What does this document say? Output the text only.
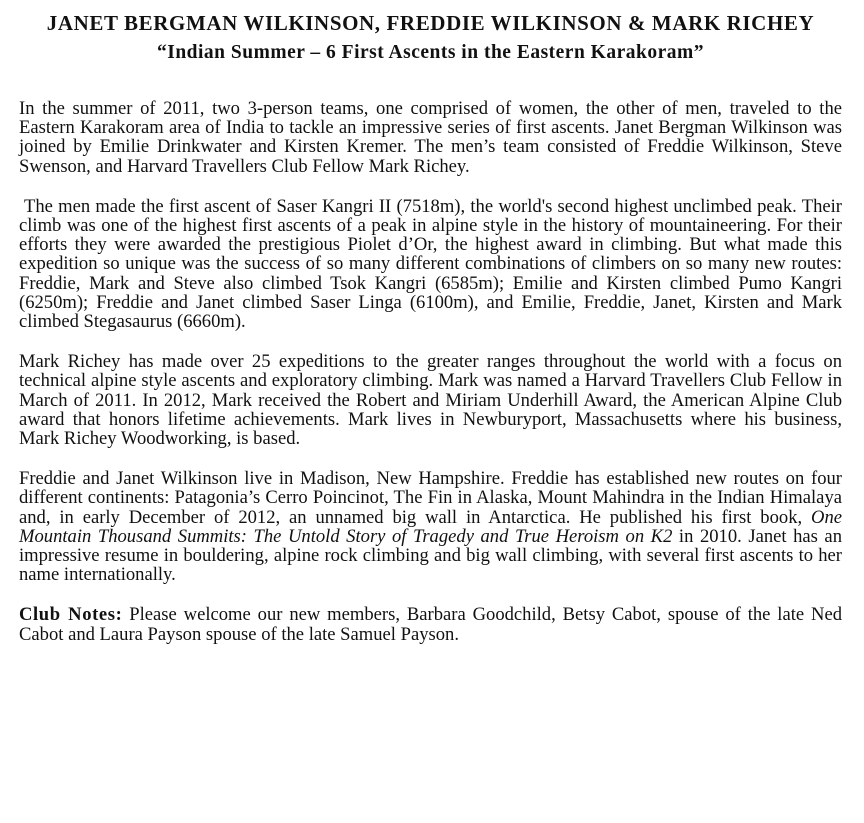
JANET BERGMAN WILKINSON, FREDDIE WILKINSON & MARK RICHEY
“Indian Summer – 6 First Ascents in the Eastern Karakoram”

In the summer of 2011, two 3-person teams, one comprised of women, the other of men, traveled to the Eastern Karakoram area of India to tackle an impressive series of first ascents. Janet Bergman Wilkinson was joined by Emilie Drinkwater and Kirsten Kremer. The men’s team consisted of Freddie Wilkinson, Steve Swenson, and Harvard Travellers Club Fellow Mark Richey.

The men made the first ascent of Saser Kangri II (7518m), the world's second highest unclimbed peak. Their climb was one of the highest first ascents of a peak in alpine style in the history of mountaineering. For their efforts they were awarded the prestigious Piolet d’Or, the highest award in climbing. But what made this expedition so unique was the success of so many different combinations of climbers on so many new routes: Freddie, Mark and Steve also climbed Tsok Kangri (6585m); Emilie and Kirsten climbed Pumo Kangri (6250m); Freddie and Janet climbed Saser Linga (6100m), and Emilie, Freddie, Janet, Kirsten and Mark climbed Stegasaurus (6660m).

Mark Richey has made over 25 expeditions to the greater ranges throughout the world with a focus on technical alpine style ascents and exploratory climbing. Mark was named a Harvard Travellers Club Fellow in March of 2011. In 2012, Mark received the Robert and Miriam Underhill Award, the American Alpine Club award that honors lifetime achievements. Mark lives in Newburyport, Massachusetts where his business, Mark Richey Woodworking, is based.

Freddie and Janet Wilkinson live in Madison, New Hampshire. Freddie has established new routes on four different continents: Patagonia’s Cerro Poincinot, The Fin in Alaska, Mount Mahindra in the Indian Himalaya and, in early December of 2012, an unnamed big wall in Antarctica. He published his first book, One Mountain Thousand Summits: The Untold Story of Tragedy and True Heroism on K2 in 2010. Janet has an impressive resume in bouldering, alpine rock climbing and big wall climbing, with several first ascents to her name internationally.

Club Notes: Please welcome our new members, Barbara Goodchild, Betsy Cabot, spouse of the late Ned Cabot and Laura Payson spouse of the late Samuel Payson.
